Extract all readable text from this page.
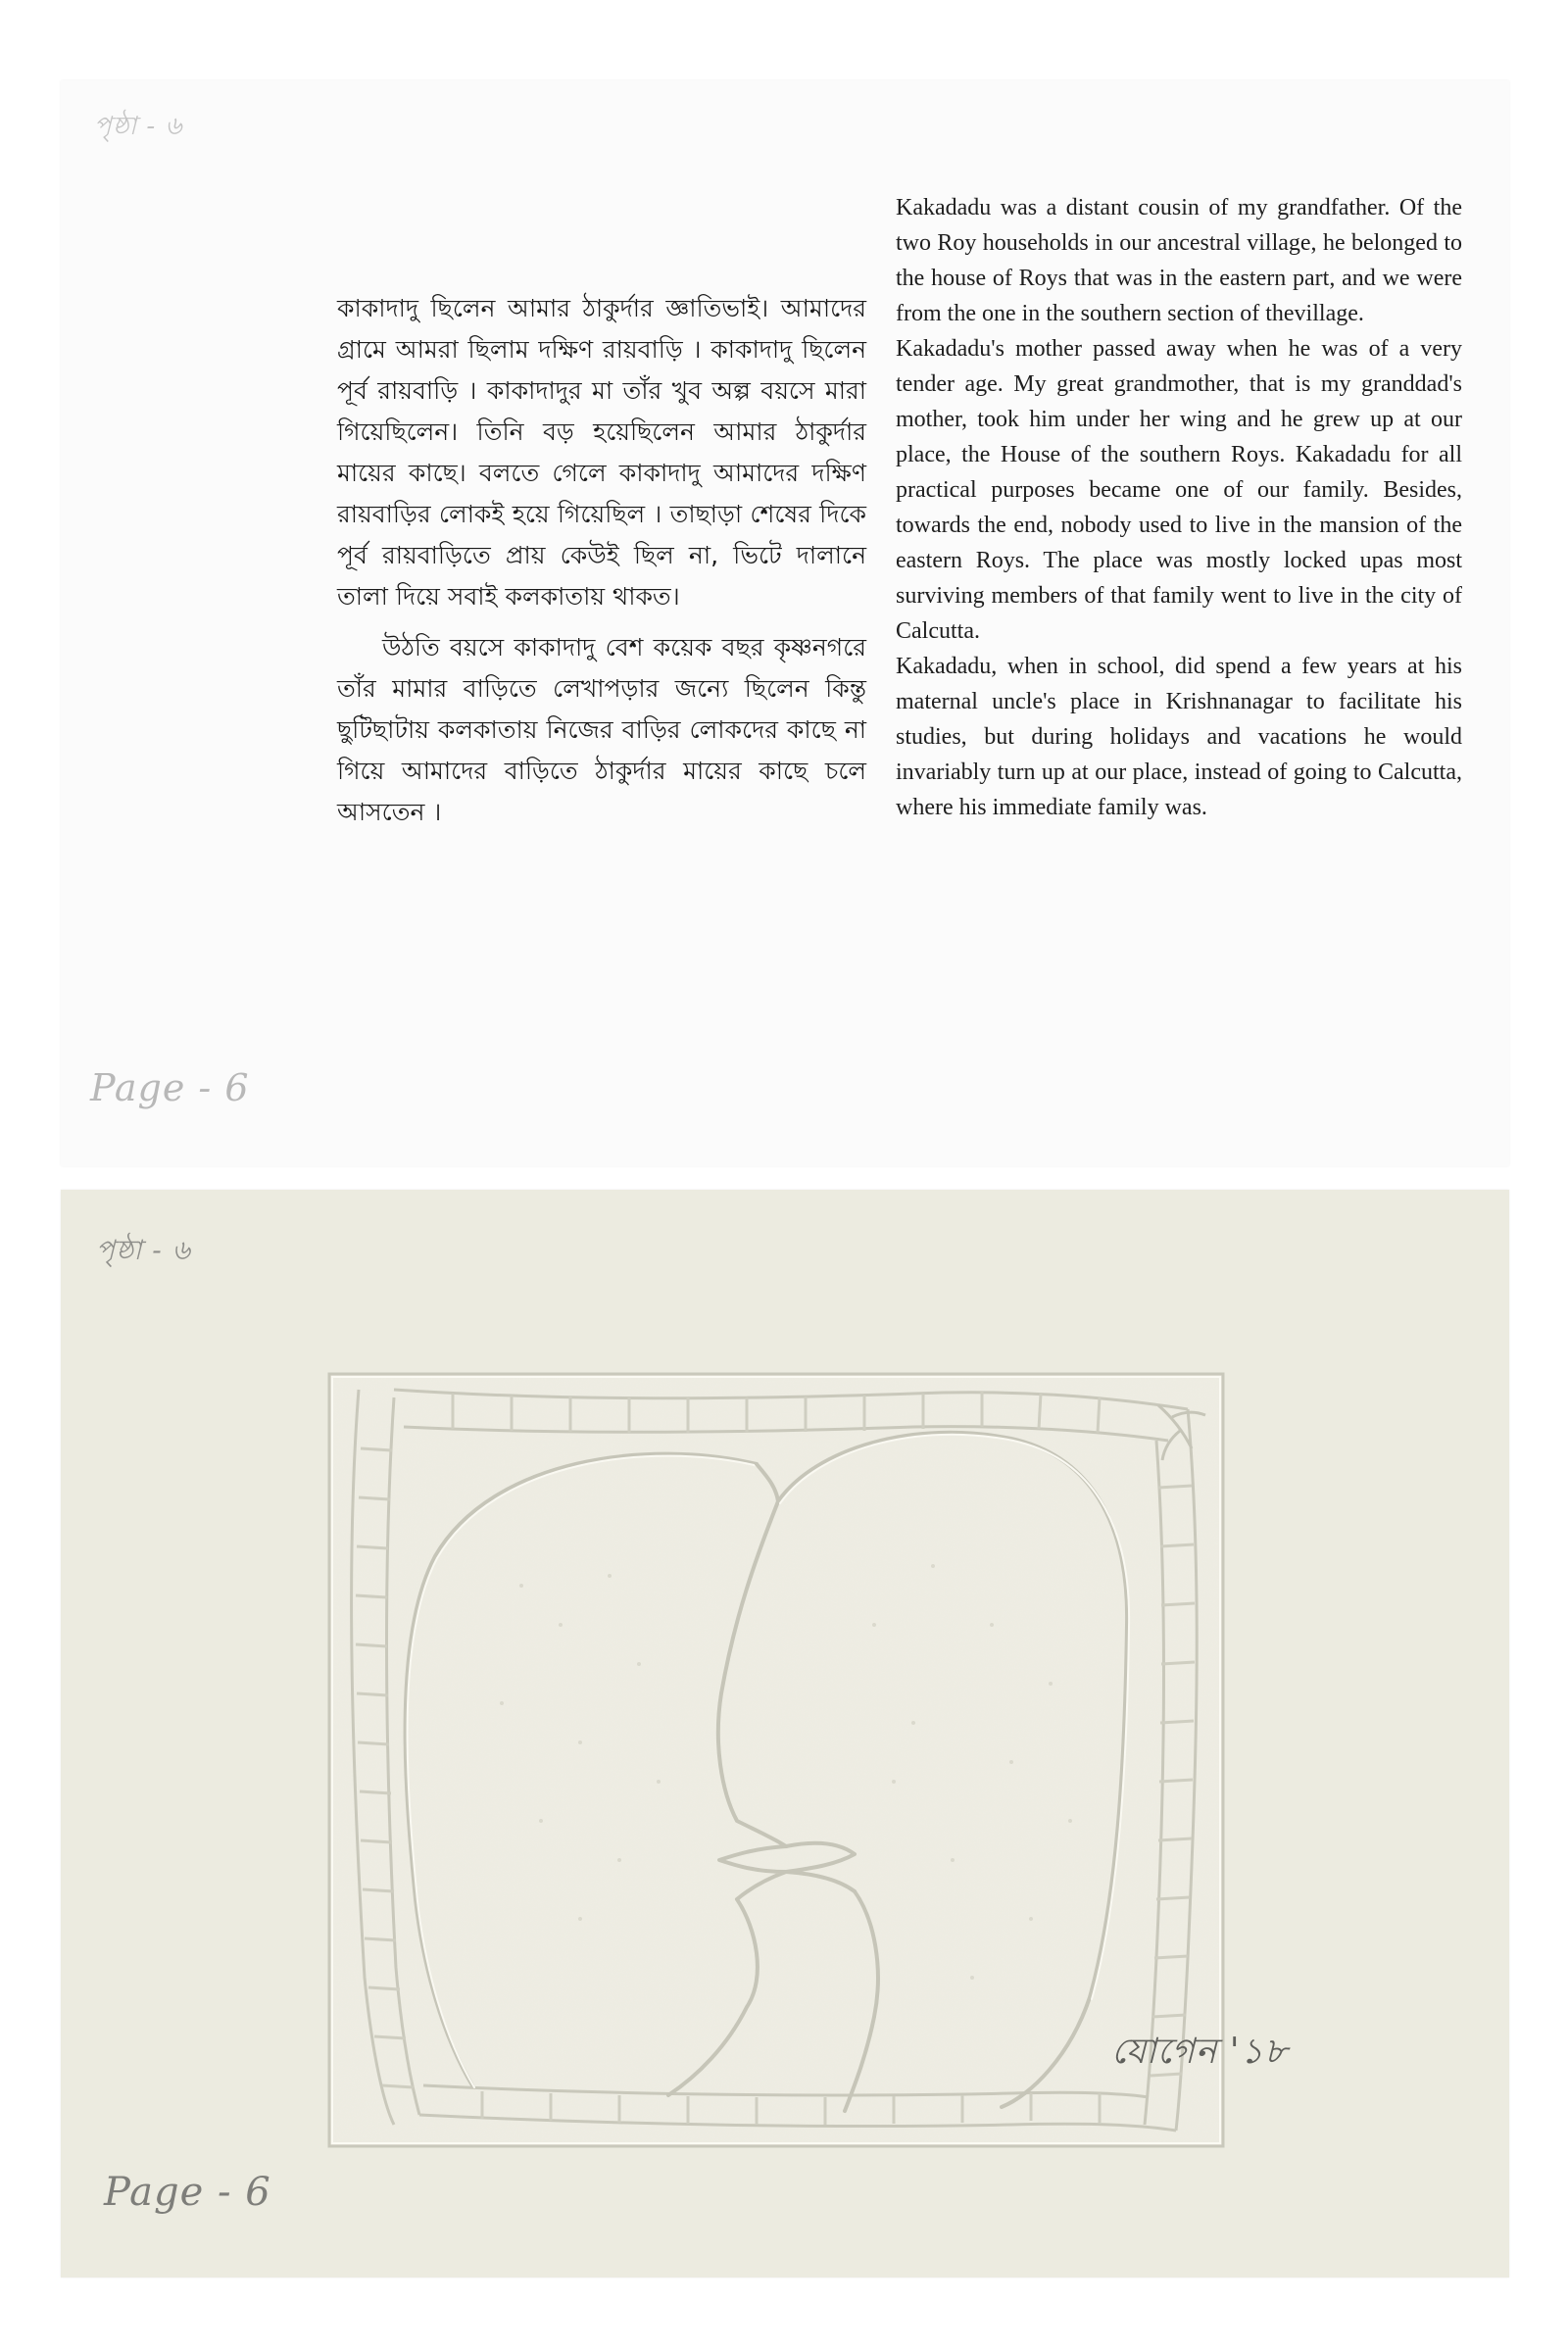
পৃষ্ঠা - ৬

কাকাদাদু ছিলেন আমার ঠাকুর্দার জ্ঞাতিভাই। আমাদের গ্রামে আমরা ছিলাম দক্ষিণ রায়বাড়ি । কাকাদাদু ছিলেন পূর্ব রায়বাড়ি । কাকাদাদুর মা তাঁর খুব অল্প বয়সে মারা গিয়েছিলেন। তিনি বড় হয়েছিলেন আমার ঠাকুর্দার মায়ের কাছে। বলতে গেলে কাকাদাদু আমাদের দক্ষিণ রায়বাড়ির লোকই হয়ে গিয়েছিল । তাছাড়া শেষের দিকে পূর্ব রায়বাড়িতে প্রায় কেউই ছিল না, ভিটে দালানে তালা দিয়ে সবাই কলকাতায় থাকত।

উঠতি বয়সে কাকাদাদু বেশ কয়েক বছর কৃষ্ণনগরে তাঁর মামার বাড়িতে লেখাপড়ার জন্যে ছিলেন কিন্তু ছুটিছাটায় কলকাতায় নিজের বাড়ির লোকদের কাছে না গিয়ে আমাদের বাড়িতে ঠাকুর্দার মায়ের কাছে চলে আসতেন ।

Kakadadu was a distant cousin of my grandfather. Of the two Roy households in our ancestral village, he belonged to the house of Roys that was in the eastern part, and we were from the one in the southern section of thevillage.

Kakadadu's mother passed away when he was of a very tender age. My great grandmother, that is my granddad's mother, took him under her wing and he grew up at our place, the House of the southern Roys. Kakadadu for all practical purposes became one of our family. Besides, towards the end, nobody used to live in the mansion of the eastern Roys. The place was mostly locked upas most surviving members of that family went to live in the city of Calcutta.

Kakadadu, when in school, did spend a few years at his maternal uncle's place in Krishnanagar to facilitate his studies, but during holidays and vacations he would invariably turn up at our place, instead of going to Calcutta, where his immediate family was.

Page - 6
পৃষ্ঠা - ৬
যোগেন '১৮
Page - 6
